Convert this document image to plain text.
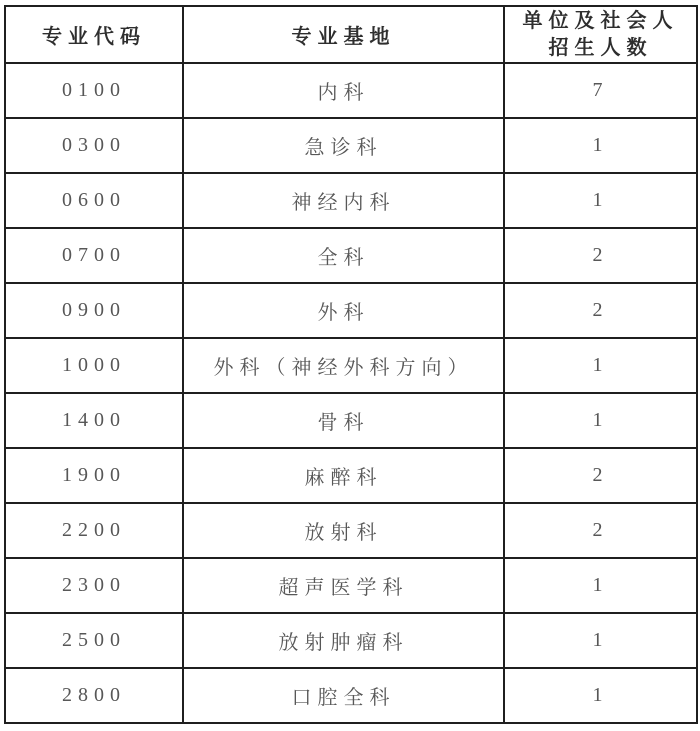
专业代码	专业基地	单位及社会人
招生人数

0100	内科	7
0300	急诊科	1
0600	神经内科	1
0700	全科	2
0900	外科	2
1000	外科（神经外科方向）	1
1400	骨科	1
1900	麻醉科	2
2200	放射科	2
2300	超声医学科	1
2500	放射肿瘤科	1
2800	口腔全科	1
